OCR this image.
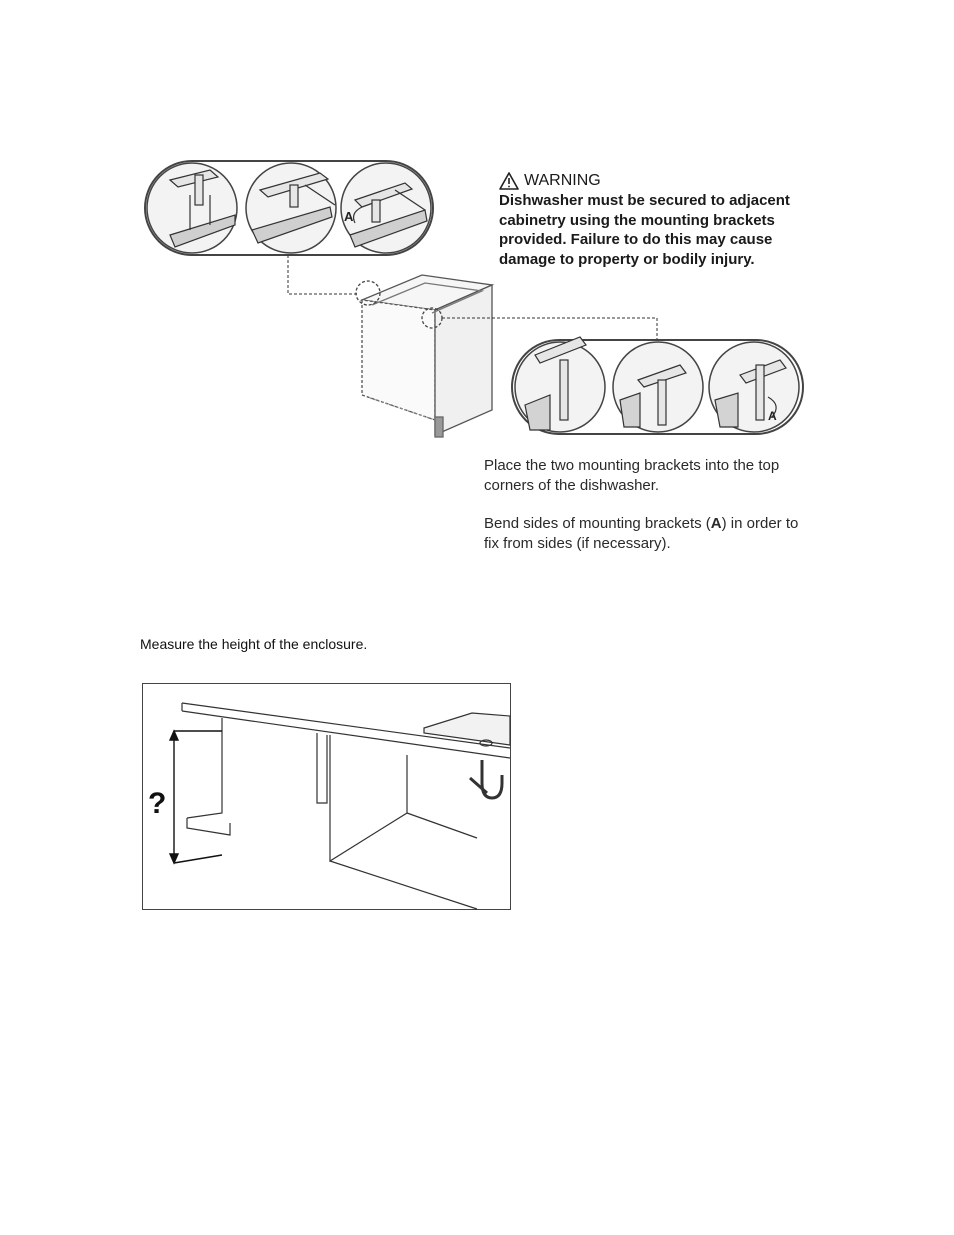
A
A
WARNING
Dishwasher must be secured to adjacent cabinetry using the mounting brackets provided. Failure to do this may cause damage to property or bodily injury.
Place the two mounting brackets into the top corners of the dishwasher.
Bend sides of mounting brackets (A) in order to fix from sides (if necessary).
Measure the height of the enclosure.
?
